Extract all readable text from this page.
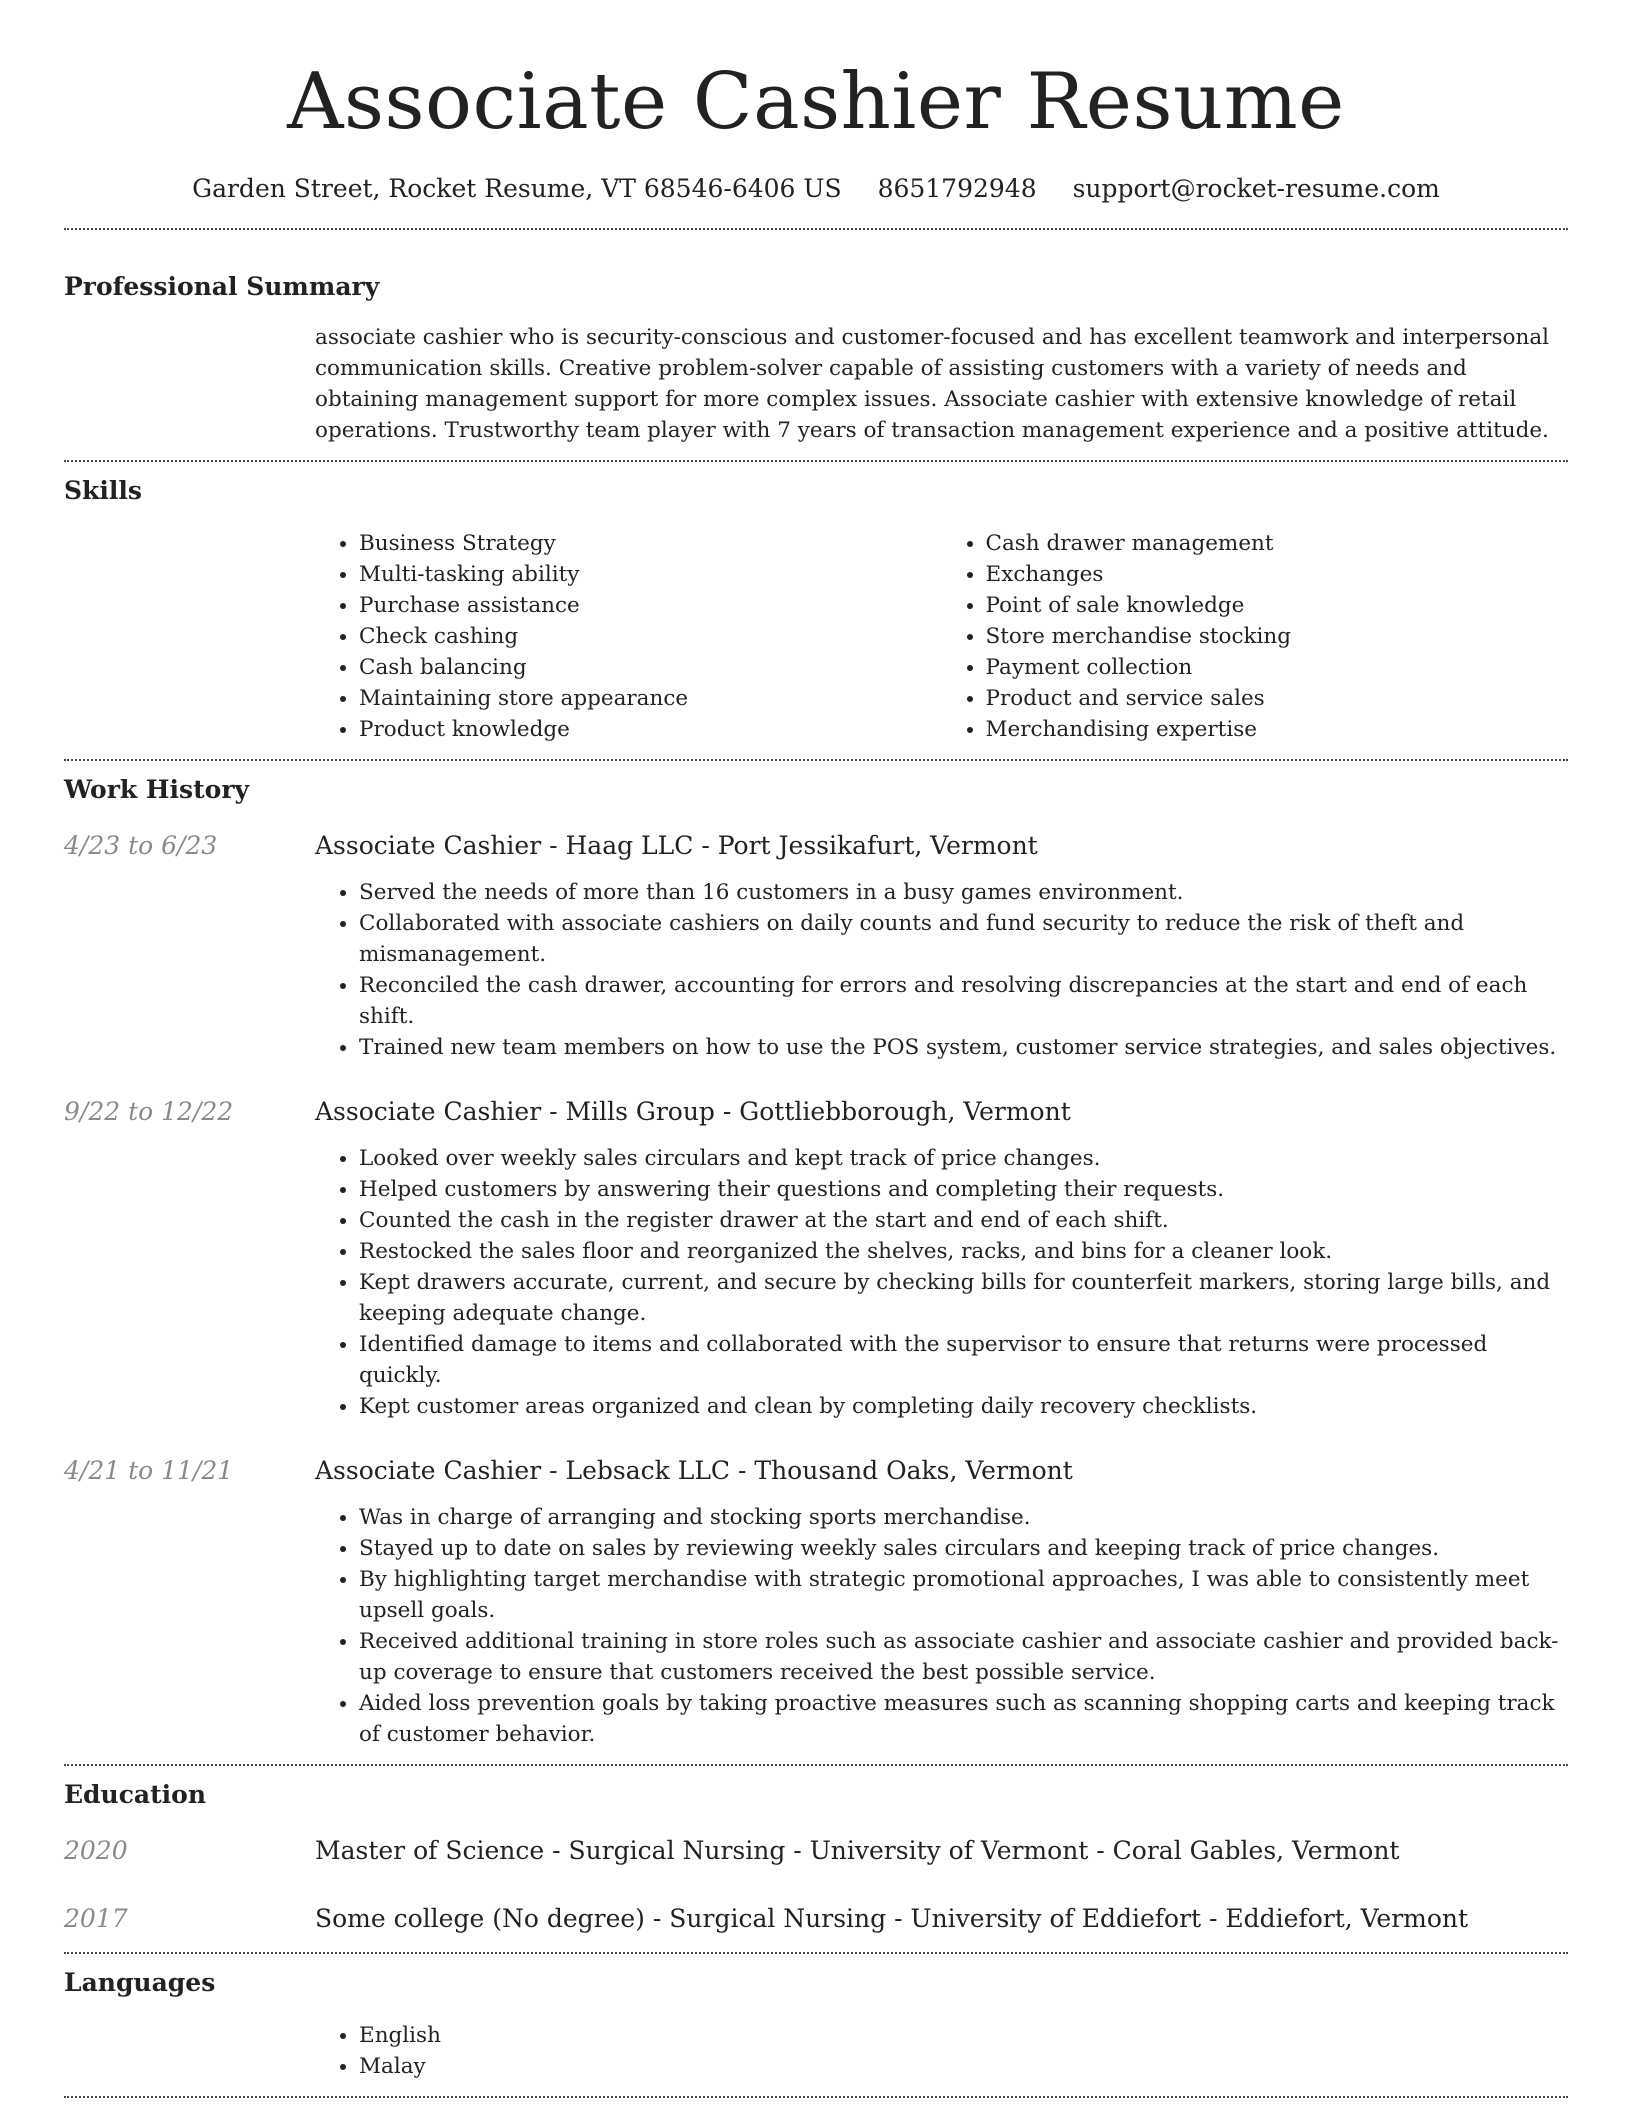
Associate Cashier Resume
Garden Street, Rocket Resume, VT 68546-6406 US 8651792948 support@rocket-resume.com
Professional Summary
associate cashier who is security-conscious and customer-focused and has excellent teamwork and interpersonal communication skills. Creative problem-solver capable of assisting customers with a variety of needs and obtaining management support for more complex issues. Associate cashier with extensive knowledge of retail operations. Trustworthy team player with 7 years of transaction management experience and a positive attitude.
Skills
• Business Strategy
• Multi-tasking ability
• Purchase assistance
• Check cashing
• Cash balancing
• Maintaining store appearance
• Product knowledge
• Cash drawer management
• Exchanges
• Point of sale knowledge
• Store merchandise stocking
• Payment collection
• Product and service sales
• Merchandising expertise
Work History
4/23 to 6/23	Associate Cashier - Haag LLC - Port Jessikafurt, Vermont
• Served the needs of more than 16 customers in a busy games environment.
• Collaborated with associate cashiers on daily counts and fund security to reduce the risk of theft and mismanagement.
• Reconciled the cash drawer, accounting for errors and resolving discrepancies at the start and end of each shift.
• Trained new team members on how to use the POS system, customer service strategies, and sales objectives.
9/22 to 12/22	Associate Cashier - Mills Group - Gottliebborough, Vermont
• Looked over weekly sales circulars and kept track of price changes.
• Helped customers by answering their questions and completing their requests.
• Counted the cash in the register drawer at the start and end of each shift.
• Restocked the sales floor and reorganized the shelves, racks, and bins for a cleaner look.
• Kept drawers accurate, current, and secure by checking bills for counterfeit markers, storing large bills, and keeping adequate change.
• Identified damage to items and collaborated with the supervisor to ensure that returns were processed quickly.
• Kept customer areas organized and clean by completing daily recovery checklists.
4/21 to 11/21	Associate Cashier - Lebsack LLC - Thousand Oaks, Vermont
• Was in charge of arranging and stocking sports merchandise.
• Stayed up to date on sales by reviewing weekly sales circulars and keeping track of price changes.
• By highlighting target merchandise with strategic promotional approaches, I was able to consistently meet upsell goals.
• Received additional training in store roles such as associate cashier and associate cashier and provided back-up coverage to ensure that customers received the best possible service.
• Aided loss prevention goals by taking proactive measures such as scanning shopping carts and keeping track of customer behavior.
Education
2020	Master of Science - Surgical Nursing - University of Vermont - Coral Gables, Vermont
2017	Some college (No degree) - Surgical Nursing - University of Eddiefort - Eddiefort, Vermont
Languages
• English
• Malay
